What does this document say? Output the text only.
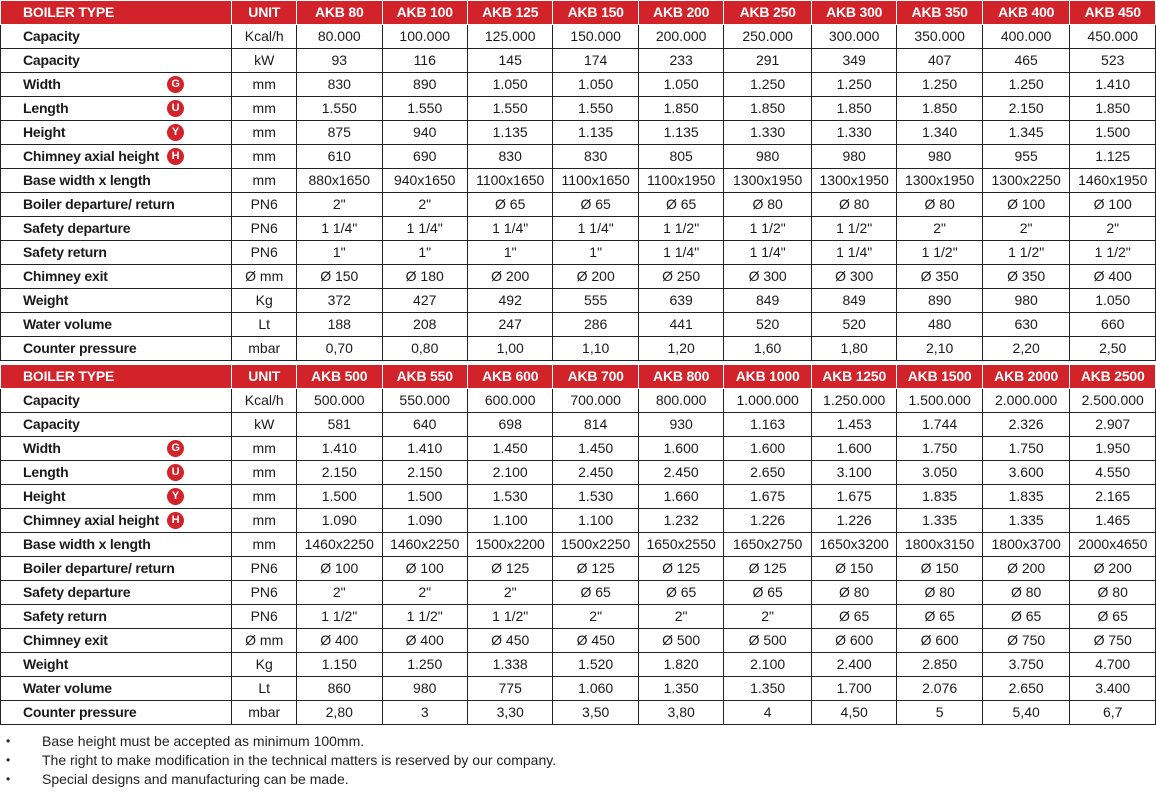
BOILER TYPE	UNIT	AKB 80	AKB 100	AKB 125	AKB 150	AKB 200	AKB 250	AKB 300	AKB 350	AKB 400	AKB 450
Capacity	Kcal/h	80.000	100.000	125.000	150.000	200.000	250.000	300.000	350.000	400.000	450.000
Capacity	kW	93	116	145	174	233	291	349	407	465	523
Width G	mm	830	890	1.050	1.050	1.050	1.250	1.250	1.250	1.250	1.410
Length U	mm	1.550	1.550	1.550	1.550	1.850	1.850	1.850	1.850	2.150	1.850
Height Y	mm	875	940	1.135	1.135	1.135	1.330	1.330	1.340	1.345	1.500
Chimney axial height H	mm	610	690	830	830	805	980	980	980	955	1.125
Base width x length	mm	880x1650	940x1650	1100x1650	1100x1650	1100x1950	1300x1950	1300x1950	1300x1950	1300x2250	1460x1950
Boiler departure/ return	PN6	2"	2"	Ø 65	Ø 65	Ø 65	Ø 80	Ø 80	Ø 80	Ø 100	Ø 100
Safety departure	PN6	1 1/4"	1 1/4"	1 1/4"	1 1/4"	1 1/2"	1 1/2"	1 1/2"	2"	2"	2"
Safety return	PN6	1"	1"	1"	1"	1 1/4"	1 1/4"	1 1/4"	1 1/2"	1 1/2"	1 1/2"
Chimney exit	Ø mm	Ø 150	Ø 180	Ø 200	Ø 200	Ø 250	Ø 300	Ø 300	Ø 350	Ø 350	Ø 400
Weight	Kg	372	427	492	555	639	849	849	890	980	1.050
Water volume	Lt	188	208	247	286	441	520	520	480	630	660
Counter pressure	mbar	0,70	0,80	1,00	1,10	1,20	1,60	1,80	2,10	2,20	2,50
BOILER TYPE	UNIT	AKB 500	AKB 550	AKB 600	AKB 700	AKB 800	AKB 1000	AKB 1250	AKB 1500	AKB 2000	AKB 2500
Capacity	Kcal/h	500.000	550.000	600.000	700.000	800.000	1.000.000	1.250.000	1.500.000	2.000.000	2.500.000
Capacity	kW	581	640	698	814	930	1.163	1.453	1.744	2.326	2.907
Width G	mm	1.410	1.410	1.450	1.450	1.600	1.600	1.600	1.750	1.750	1.950
Length U	mm	2.150	2.150	2.100	2.450	2.450	2.650	3.100	3.050	3.600	4.550
Height Y	mm	1.500	1.500	1.530	1.530	1.660	1.675	1.675	1.835	1.835	2.165
Chimney axial height H	mm	1.090	1.090	1.100	1.100	1.232	1.226	1.226	1.335	1.335	1.465
Base width x length	mm	1460x2250	1460x2250	1500x2200	1500x2250	1650x2550	1650x2750	1650x3200	1800x3150	1800x3700	2000x4650
Boiler departure/ return	PN6	Ø 100	Ø 100	Ø 125	Ø 125	Ø 125	Ø 125	Ø 150	Ø 150	Ø 200	Ø 200
Safety departure	PN6	2"	2"	2"	Ø 65	Ø 65	Ø 65	Ø 80	Ø 80	Ø 80	Ø 80
Safety return	PN6	1 1/2"	1 1/2"	1 1/2"	2"	2"	2"	Ø 65	Ø 65	Ø 65	Ø 65
Chimney exit	Ø mm	Ø 400	Ø 400	Ø 450	Ø 450	Ø 500	Ø 500	Ø 600	Ø 600	Ø 750	Ø 750
Weight	Kg	1.150	1.250	1.338	1.520	1.820	2.100	2.400	2.850	3.750	4.700
Water volume	Lt	860	980	775	1.060	1.350	1.350	1.700	2.076	2.650	3.400
Counter pressure	mbar	2,80	3	3,30	3,50	3,80	4	4,50	5	5,40	6,7
• Base height must be accepted as minimum 100mm.
• The right to make modification in the technical matters is reserved by our company.
• Special designs and manufacturing can be made.
